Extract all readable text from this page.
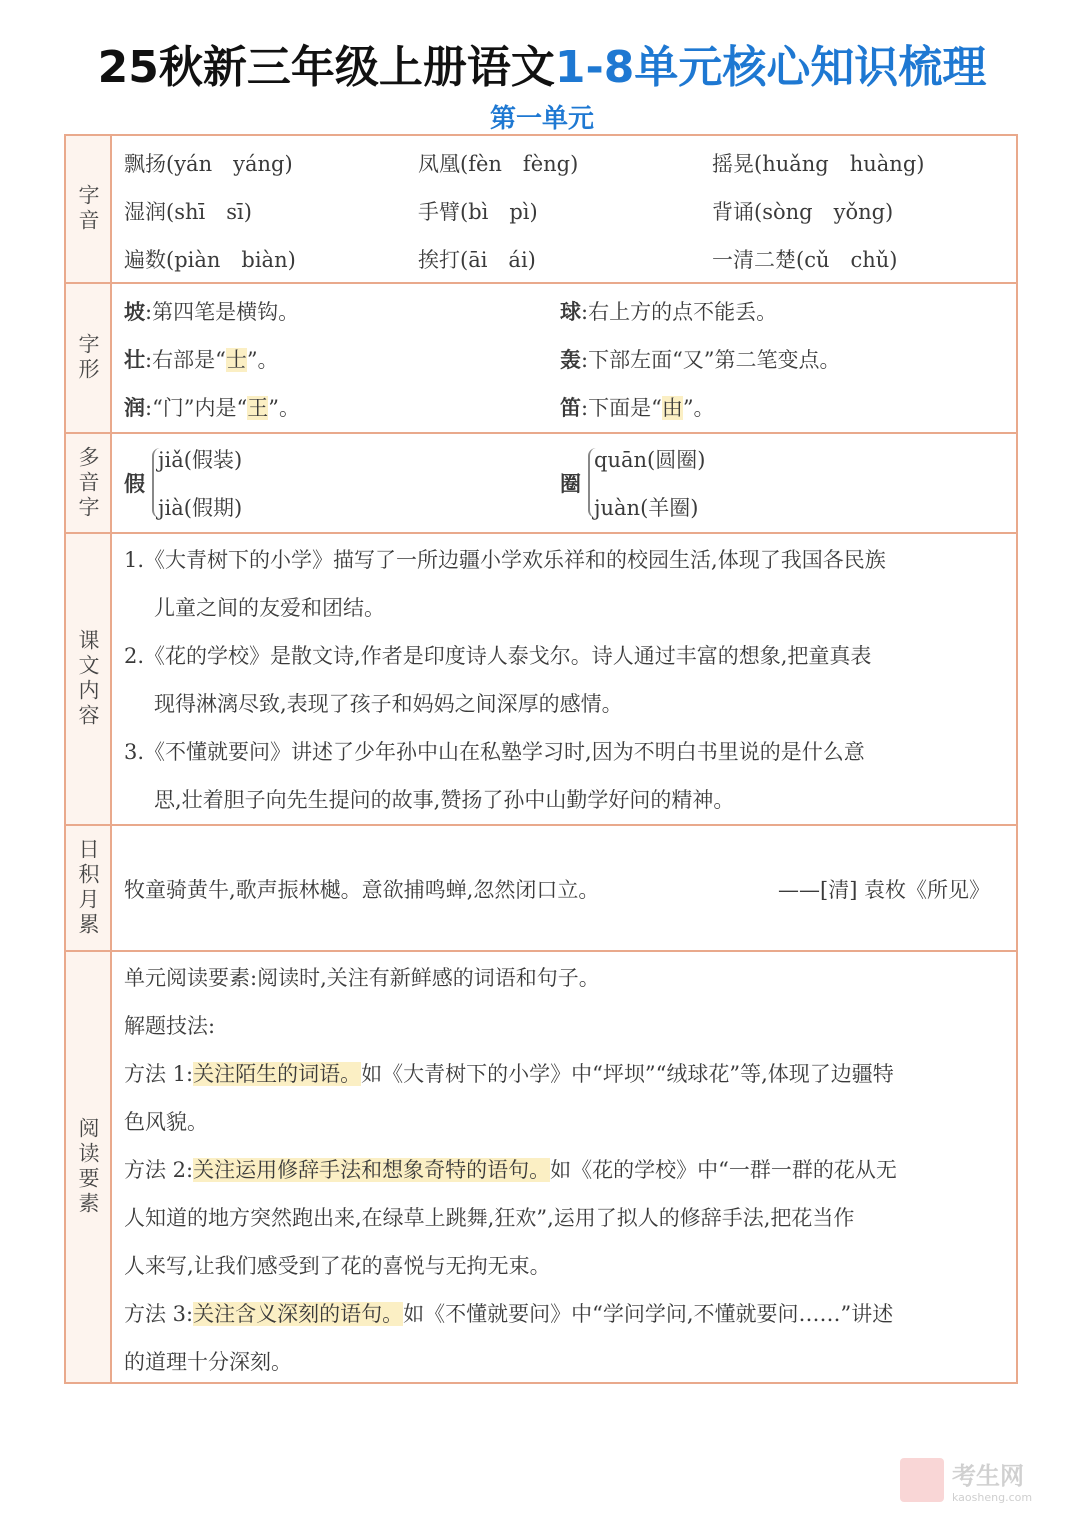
25秋新三年级上册语文1-8单元核心知识梳理
第一单元
字音
飘扬(yán　yáng)	凤凰(fèn　fèng)	摇晃(huǎng　huàng)
湿润(shī　sī)	手臂(bì　pì)	背诵(sòng　yǒng)
遍数(piàn　biàn)	挨打(āi　ái)	一清二楚(cǔ　chǔ)
字形
坡:第四笔是横钩。	球:右上方的点不能丢。
壮:右部是“士”。	轰:下部左面“又”第二笔变点。
润:“门”内是“王”。	笛:下面是“由”。
多音字 假
jiǎ(假装)
jià(假期)
圈
quān(圆圈)
juàn(羊圈)
课文内容
1.《大青树下的小学》描写了一所边疆小学欢乐祥和的校园生活,体现了我国各民族
儿童之间的友爱和团结。
2.《花的学校》是散文诗,作者是印度诗人泰戈尔。诗人通过丰富的想象,把童真表
现得淋漓尽致,表现了孩子和妈妈之间深厚的感情。
3.《不懂就要问》讲述了少年孙中山在私塾学习时,因为不明白书里说的是什么意
思,壮着胆子向先生提问的故事,赞扬了孙中山勤学好问的精神。
日积月累 牧童骑黄牛,歌声振林樾。意欲捕鸣蝉,忽然闭口立。	——[清] 袁枚《所见》
阅读要素
单元阅读要素:阅读时,关注有新鲜感的词语和句子。
解题技法:
方法 1:关注陌生的词语。如《大青树下的小学》中“坪坝”“绒球花”等,体现了边疆特
色风貌。
方法 2:关注运用修辞手法和想象奇特的语句。如《花的学校》中“一群一群的花从无
人知道的地方突然跑出来,在绿草上跳舞,狂欢”,运用了拟人的修辞手法,把花当作
人来写,让我们感受到了花的喜悦与无拘无束。
方法 3:关注含义深刻的语句。如《不懂就要问》中“学问学问,不懂就要问……”讲述
的道理十分深刻。
考生网
kaosheng.com
